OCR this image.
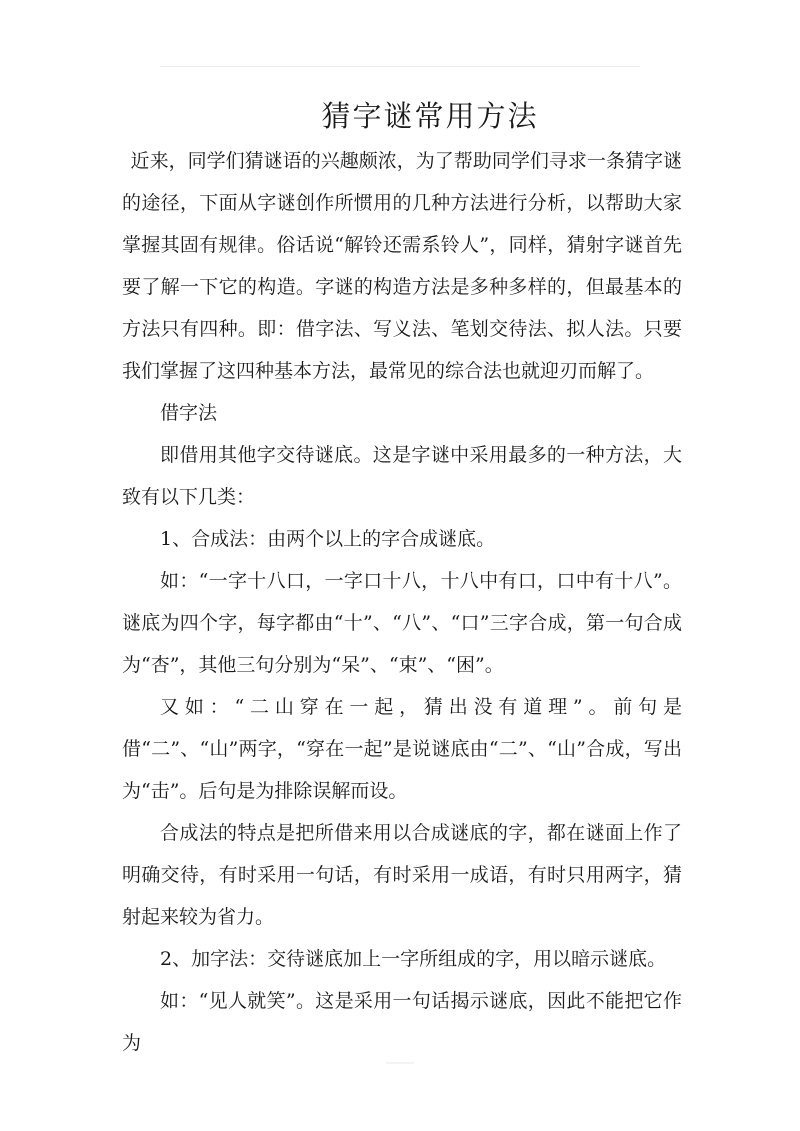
猜字谜常用方法

近来，同学们猜谜语的兴趣颇浓，为了帮助同学们寻求一条猜字谜的途径，下面从字谜创作所惯用的几种方法进行分析，以帮助大家掌握其固有规律。俗话说“解铃还需系铃人”，同样，猜射字谜首先要了解一下它的构造。字谜的构造方法是多种多样的，但最基本的方法只有四种。即：借字法、写义法、笔划交待法、拟人法。只要我们掌握了这四种基本方法，最常见的综合法也就迎刃而解了。

借字法

即借用其他字交待谜底。这是字谜中采用最多的一种方法，大致有以下几类：

1、合成法：由两个以上的字合成谜底。

如：“一字十八口，一字口十八，十八中有口，口中有十八”。谜底为四个字，每字都由“十”、“八”、“口”三字合成，第一句合成为“杏”，其他三句分别为“呆”、“束”、“困”。

又如：“二山穿在一起，猜出没有道理”。前句是借“二”、“山”两字，“穿在一起”是说谜底由“二”、“山”合成，写出为“击”。后句是为排除误解而设。

合成法的特点是把所借来用以合成谜底的字，都在谜面上作了明确交待，有时采用一句话，有时采用一成语，有时只用两字，猜射起来较为省力。

2、加字法：交待谜底加上一字所组成的字，用以暗示谜底。

如：“见人就笑”。这是采用一句话揭示谜底，因此不能把它作为
